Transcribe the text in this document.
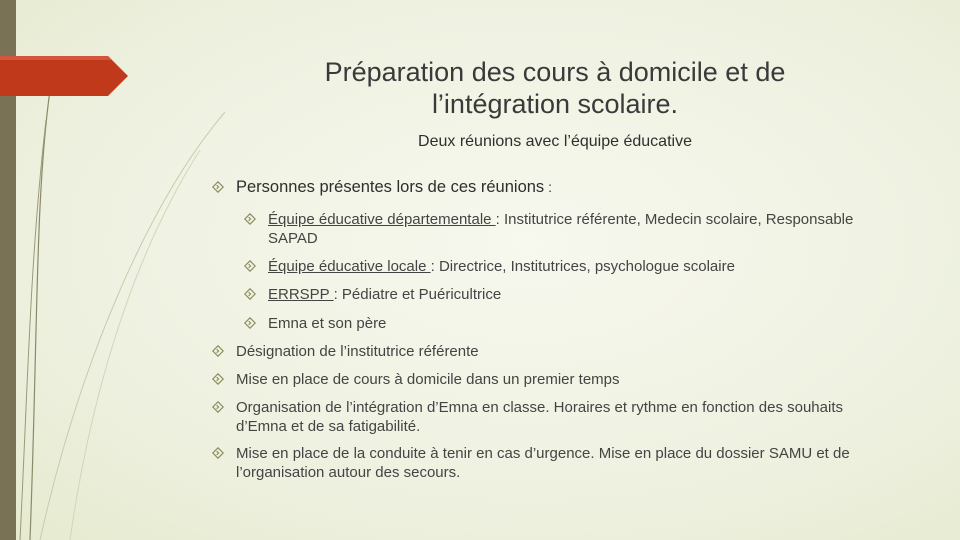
Préparation des cours à domicile et de
l’intégration scolaire.
Deux réunions avec l’équipe éducative
Personnes présentes lors de ces réunions :
Équipe éducative départementale : Institutrice référente, Medecin scolaire, Responsable SAPAD
Équipe éducative locale : Directrice, Institutrices, psychologue scolaire
ERRSPP : Pédiatre et Puéricultrice
Emna et son père
Désignation de l’institutrice référente
Mise en place de cours à domicile dans un premier temps
Organisation de l’intégration d’Emna en classe. Horaires et rythme en fonction des souhaits d’Emna et de sa fatigabilité.
Mise en place de la conduite à tenir en cas d’urgence. Mise en place du dossier SAMU et de l’organisation autour des secours.
